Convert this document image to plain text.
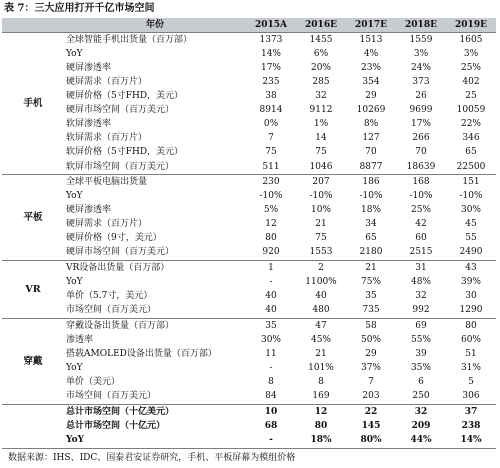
表 7：三大应用打开千亿市场空间
	年份	2015A	2016E	2017E	2018E	2019E
手机	全球智能手机出货量（百万部）	1373	1455	1513	1559	1605
	YoY	14%	6%	4%	3%	3%
	硬屏渗透率	17%	20%	23%	24%	25%
	硬屏需求（百万片）	235	285	354	373	402
	硬屏价格（5寸FHD，美元）	38	32	29	26	25
	硬屏市场空间（百万美元）	8914	9112	10269	9699	10059
	软屏渗透率	0%	1%	8%	17%	22%
	软屏需求（百万片）	7	14	127	266	346
	软屏价格（5寸FHD，美元）	75	75	70	70	65
	软屏市场空间（百万美元）	511	1046	8877	18639	22500
平板	全球平板电脑出货量	230	207	186	168	151
	YoY	-10%	-10%	-10%	-10%	-10%
	硬屏渗透率	5%	10%	18%	25%	30%
	硬屏需求（百万片）	12	21	34	42	45
	硬屏价格（9寸，美元）	80	75	65	60	55
	硬屏市场空间（百万美元）	920	1553	2180	2515	2490
VR	VR设备出货量（百万部）	1	2	21	31	43
	YoY	-	1100%	75%	48%	39%
	单价（5.7寸，美元）	40	40	35	32	30
	市场空间（百万美元）	40	480	735	992	1290
穿戴	穿戴设备出货量（百万部）	35	47	58	69	80
	渗透率	30%	45%	50%	55%	60%
	搭载AMOLED设备出货量（百万部）	11	21	29	39	51
	YoY	-	101%	37%	35%	31%
	单价（美元）	8	8	7	6	5
	市场空间（百万美元）	84	169	203	250	306
	总计市场空间（十亿美元）	10	12	22	32	37
	总计市场空间（十亿元）	68	80	145	209	238
	YoY	-	18%	80%	44%	14%
数据来源：IHS、IDC、国泰君安证券研究，手机、平板屏幕为模组价格
